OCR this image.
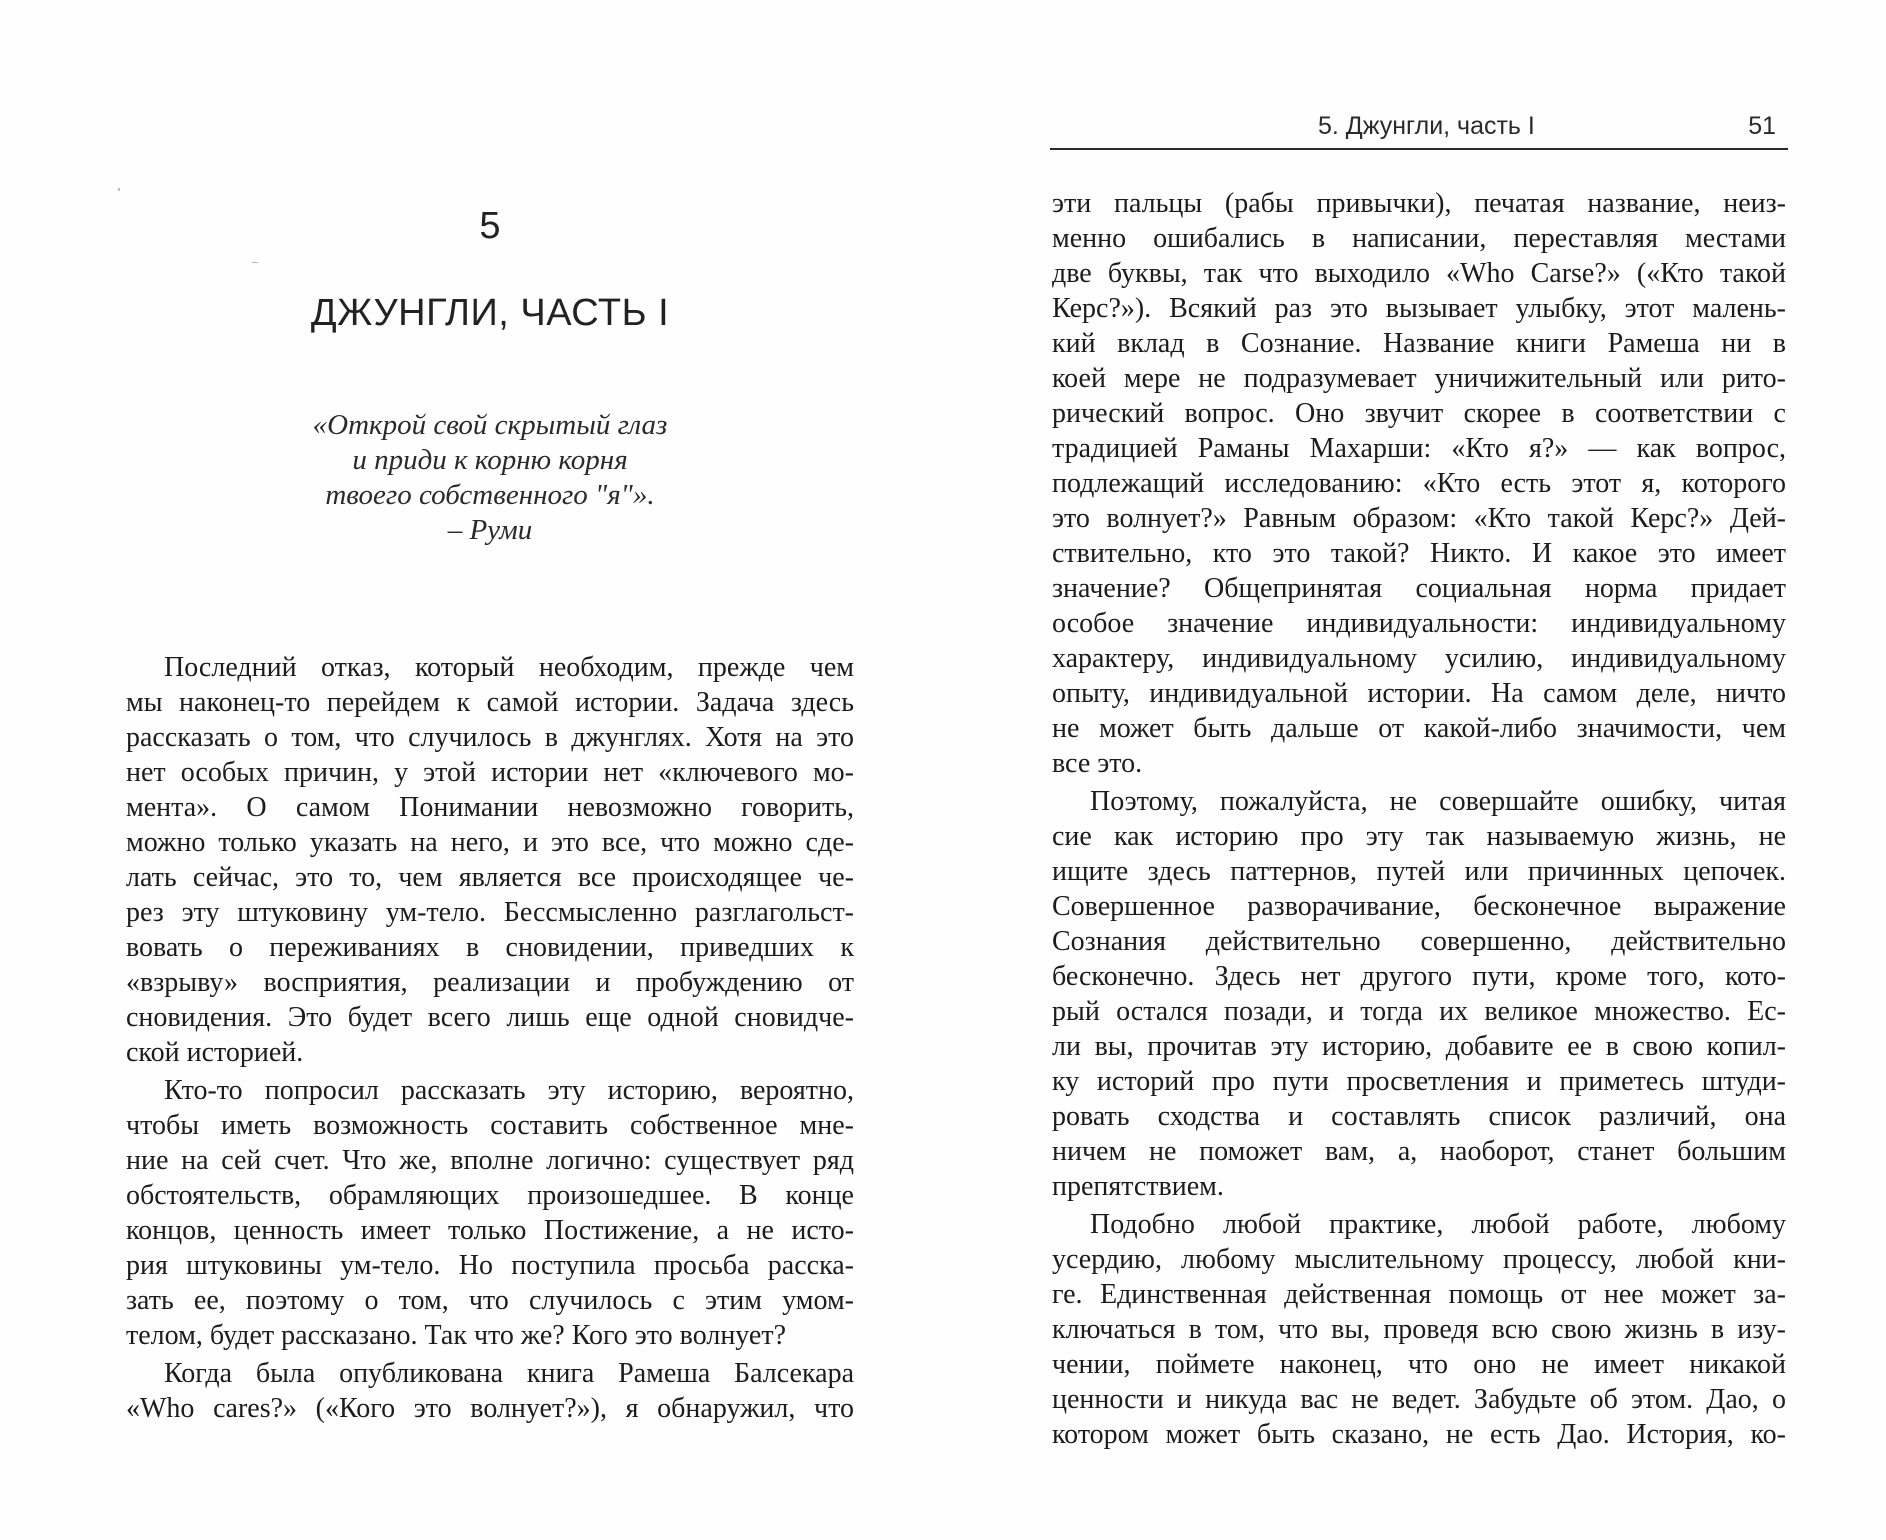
5
ДЖУНГЛИ, ЧАСТЬ I
«Открой свой скрытый глаз
и приди к корню корня
твоего собственного "я"».
– Руми
Последний отказ, который необходим, прежде чем
мы наконец-то перейдем к самой истории. Задача здесь
рассказать о том, что случилось в джунглях. Хотя на это
нет особых причин, у этой истории нет «ключевого мо-
мента». О самом Понимании невозможно говорить,
можно только указать на него, и это все, что можно сде-
лать сейчас, это то, чем является все происходящее че-
рез эту штуковину ум-тело. Бессмысленно разглагольст-
вовать о переживаниях в сновидении, приведших к
«взрыву» восприятия, реализации и пробуждению от
сновидения. Это будет всего лишь еще одной сновидче-
ской историей.
Кто-то попросил рассказать эту историю, вероятно,
чтобы иметь возможность составить собственное мне-
ние на сей счет. Что же, вполне логично: существует ряд
обстоятельств, обрамляющих произошедшее. В конце
концов, ценность имеет только Постижение, а не исто-
рия штуковины ум-тело. Но поступила просьба расска-
зать ее, поэтому о том, что случилось с этим умом-
телом, будет рассказано. Так что же? Кого это волнует?
Когда была опубликована книга Рамеша Балсекара
«Who cares?» («Кого это волнует?»), я обнаружил, что
5. Джунгли, часть I	51
эти пальцы (рабы привычки), печатая название, неиз-
менно ошибались в написании, переставляя местами
две буквы, так что выходило «Who Carse?» («Кто такой
Керс?»). Всякий раз это вызывает улыбку, этот малень-
кий вклад в Сознание. Название книги Рамеша ни в
коей мере не подразумевает уничижительный или рито-
рический вопрос. Оно звучит скорее в соответствии с
традицией Раманы Махарши: «Кто я?» — как вопрос,
подлежащий исследованию: «Кто есть этот я, которого
это волнует?» Равным образом: «Кто такой Керс?» Дей-
ствительно, кто это такой? Никто. И какое это имеет
значение? Общепринятая социальная норма придает
особое значение индивидуальности: индивидуальному
характеру, индивидуальному усилию, индивидуальному
опыту, индивидуальной истории. На самом деле, ничто
не может быть дальше от какой-либо значимости, чем
все это.
Поэтому, пожалуйста, не совершайте ошибку, читая
сие как историю про эту так называемую жизнь, не
ищите здесь паттернов, путей или причинных цепочек.
Совершенное разворачивание, бесконечное выражение
Сознания действительно совершенно, действительно
бесконечно. Здесь нет другого пути, кроме того, кото-
рый остался позади, и тогда их великое множество. Ес-
ли вы, прочитав эту историю, добавите ее в свою копил-
ку историй про пути просветления и приметесь штуди-
ровать сходства и составлять список различий, она
ничем не поможет вам, а, наоборот, станет большим
препятствием.
Подобно любой практике, любой работе, любому
усердию, любому мыслительному процессу, любой кни-
ге. Единственная действенная помощь от нее может за-
ключаться в том, что вы, проведя всю свою жизнь в изу-
чении, поймете наконец, что оно не имеет никакой
ценности и никуда вас не ведет. Забудьте об этом. Дао, о
котором может быть сказано, не есть Дао. История, ко-
